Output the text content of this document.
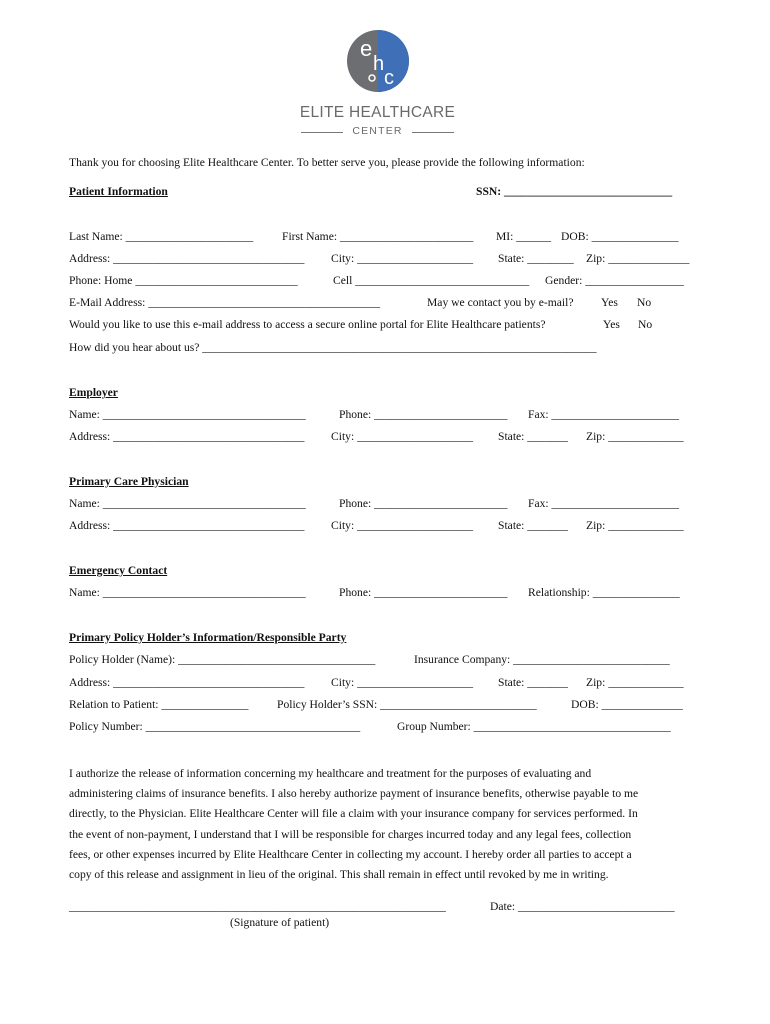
e
h
c
ELITE HEALTHCARE
CENTER
Thank you for choosing Elite Healthcare Center. To better serve you, please provide the following information:
Patient Information	SSN: _____________________________
Last Name: ______________________ First Name: _______________________ MI: ______ DOB: _______________
Address: _________________________________ City: ____________________ State: ________ Zip: ______________
Phone: Home ____________________________	Cell ______________________________ Gender: _________________
E-Mail Address: ________________________________________	May we contact you by e-mail? Yes No
Would you like to use this e-mail address to access a secure online portal for Elite Healthcare patients?	Yes No
How did you hear about us? ____________________________________________________________________
Employer
Name: ___________________________________	Phone: _______________________ Fax: ______________________
Address: _________________________________ City: ____________________ State: _______ Zip: _____________
Primary Care Physician
Name: ___________________________________	Phone: _______________________ Fax: ______________________
Address: _________________________________ City: ____________________ State: _______ Zip: _____________
Emergency Contact
Name: ___________________________________	Phone: _______________________ Relationship: _______________
Primary Policy Holder’s Information/Responsible Party
Policy Holder (Name): __________________________________	Insurance Company: ___________________________
Address: _________________________________ City: ____________________ State: _______ Zip: _____________
Relation to Patient: _______________ Policy Holder’s SSN: ___________________________	DOB: ______________
Policy Number: _____________________________________	Group Number: __________________________________
I authorize the release of information concerning my healthcare and treatment for the purposes of evaluating and
administering claims of insurance benefits. I also hereby authorize payment of insurance benefits, otherwise payable to me
directly, to the Physician. Elite Healthcare Center will file a claim with your insurance company for services performed. In
the event of non-payment, I understand that I will be responsible for charges incurred today and any legal fees, collection
fees, or other expenses incurred by Elite Healthcare Center in collecting my account. I hereby order all parties to accept a
copy of this release and assignment in lieu of the original. This shall remain in effect until revoked by me in writing.
_________________________________________________________________	Date: ___________________________
(Signature of patient)
